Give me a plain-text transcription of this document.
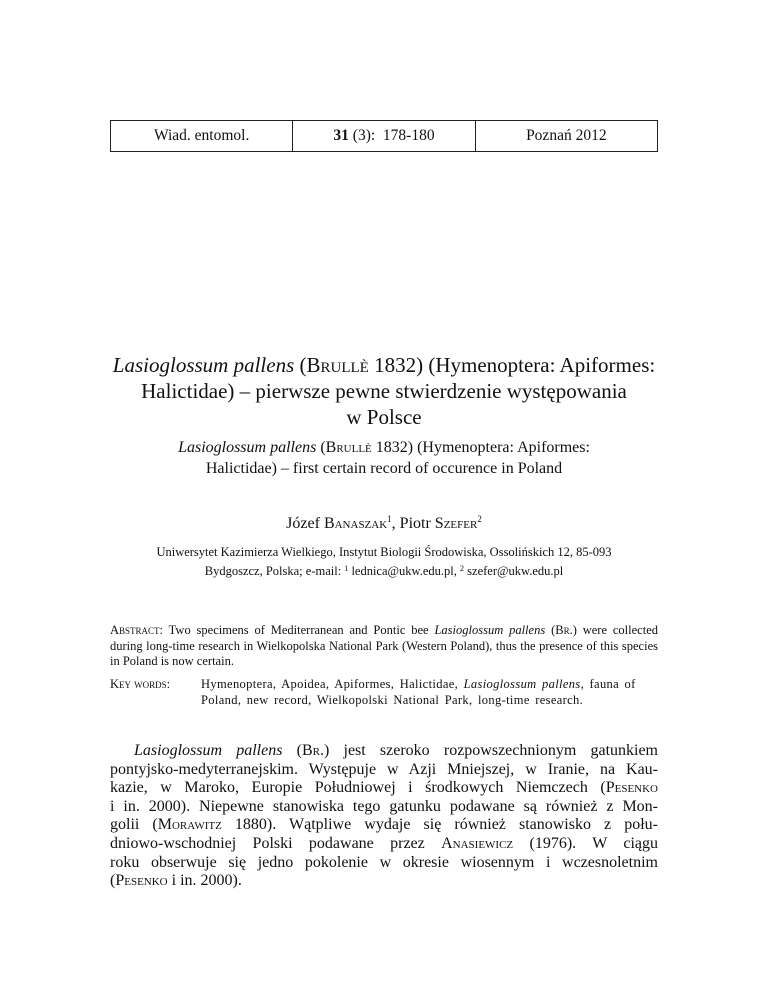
Wiad. entomol.	31 (3):  178-180	Poznań 2012
Lasioglossum pallens (Brullè 1832) (Hymenoptera: Apiformes:
Halictidae) – pierwsze pewne stwierdzenie występowania
w Polsce
Lasioglossum pallens (Brullè 1832) (Hymenoptera: Apiformes:
Halictidae) – first certain record of occurence in Poland
Józef Banaszak$^1$, Piotr Szefer$^2$
Uniwersytet Kazimierza Wielkiego, Instytut Biologii Środowiska, Ossolińskich 12, 85-093
Bydgoszcz, Polska; e-mail: $^1$ lednica@ukw.edu.pl, $^2$ szefer@ukw.edu.pl
Abstract: Two specimens of Mediterranean and Pontic bee Lasioglossum pallens (Br.) were collected during long-time research in Wielkopolska National Park (Western Poland), thus the presence of this species in Poland is now certain.
Key words: Hymenoptera, Apoidea, Apiformes, Halictidae, Lasioglossum pallens, fauna of Poland, new record, Wielkopolski National Park, long-time research.
Lasioglossum pallens (Br.) jest szeroko rozpowszechnionym gatunkiem
pontyjsko-medyterranejskim. Występuje w Azji Mniejszej, w Iranie, na Kau-
kazie, w Maroko, Europie Południowej i środkowych Niemczech (Pesenko
i in. 2000). Niepewne stanowiska tego gatunku podawane są również z Mon-
golii (Morawitz 1880). Wątpliwe wydaje się również stanowisko z połu-
dniowo-wschodniej Polski podawane przez Anasiewicz (1976). W ciągu
roku obserwuje się jedno pokolenie w okresie wiosennym i wczesnoletnim
(Pesenko i in. 2000).
